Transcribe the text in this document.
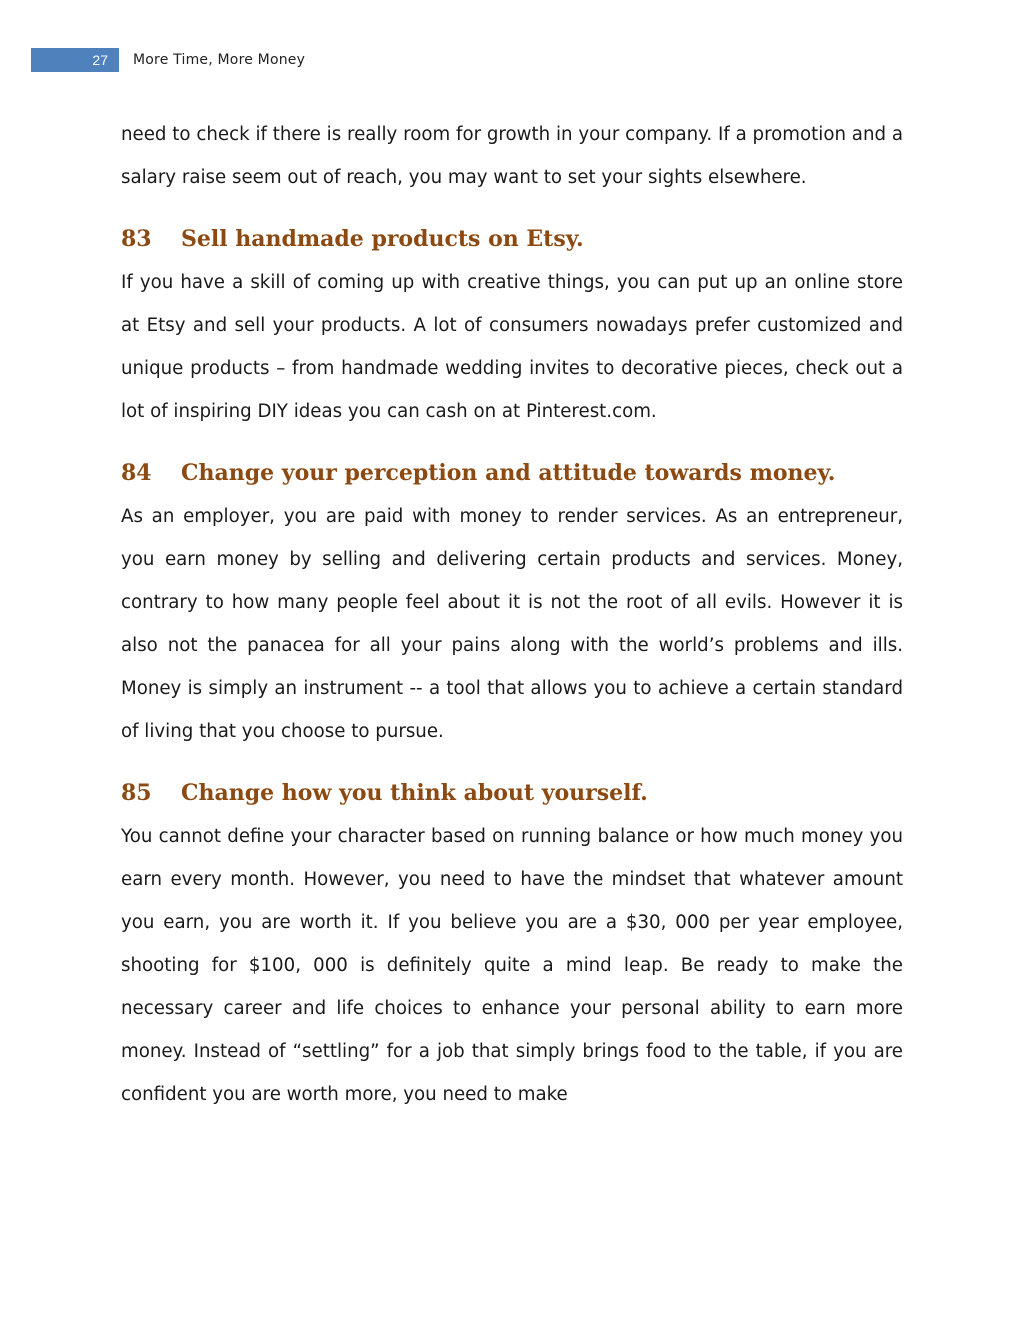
27	More Time, More Money

need to check if there is really room for growth in your company. If a promotion and a salary raise seem out of reach, you may want to set your sights elsewhere.

83	Sell handmade products on Etsy.

If you have a skill of coming up with creative things, you can put up an online store at Etsy and sell your products. A lot of consumers nowadays prefer customized and unique products – from handmade wedding invites to decorative pieces, check out a lot of inspiring DIY ideas you can cash on at Pinterest.com.

84	Change your perception and attitude towards money.

As an employer, you are paid with money to render services. As an entrepreneur, you earn money by selling and delivering certain products and services. Money, contrary to how many people feel about it is not the root of all evils. However it is also not the panacea for all your pains along with the world’s problems and ills. Money is simply an instrument -- a tool that allows you to achieve a certain standard of living that you choose to pursue.

85	Change how you think about yourself.

You cannot define your character based on running balance or how much money you earn every month. However, you need to have the mindset that whatever amount you earn, you are worth it. If you believe you are a $30, 000 per year employee, shooting for $100, 000 is definitely quite a mind leap. Be ready to make the necessary career and life choices to enhance your personal ability to earn more money. Instead of “settling” for a job that simply brings food to the table, if you are confident you are worth more, you need to make
